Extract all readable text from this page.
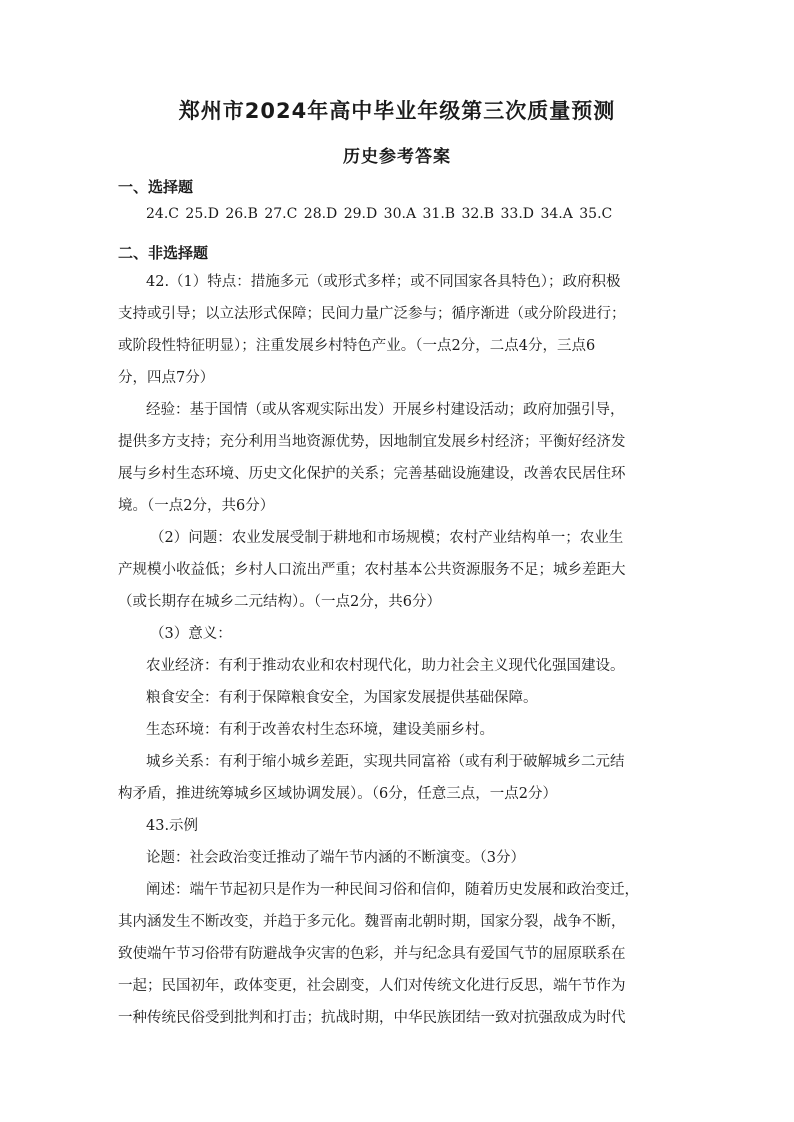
郑州市2024年高中毕业年级第三次质量预测
历史参考答案
一、选择题
24.C 25.D 26.B 27.C 28.D 29.D 30.A 31.B 32.B 33.D 34.A 35.C
二、非选择题
42.（1）特点：措施多元（或形式多样；或不同国家各具特色）；政府积极
支持或引导；以立法形式保障；民间力量广泛参与；循序渐进（或分阶段进行；
或阶段性特征明显）；注重发展乡村特色产业。（一点2分，二点4分，三点6
分，四点7分）
经验：基于国情（或从客观实际出发）开展乡村建设活动；政府加强引导，
提供多方支持；充分利用当地资源优势，因地制宜发展乡村经济；平衡好经济发
展与乡村生态环境、历史文化保护的关系；完善基础设施建设，改善农民居住环
境。（一点2分，共6分）
（2）问题：农业发展受制于耕地和市场规模；农村产业结构单一；农业生
产规模小收益低；乡村人口流出严重；农村基本公共资源服务不足；城乡差距大
（或长期存在城乡二元结构）。（一点2分，共6分）
（3）意义：
农业经济：有利于推动农业和农村现代化，助力社会主义现代化强国建设。
粮食安全：有利于保障粮食安全，为国家发展提供基础保障。
生态环境：有利于改善农村生态环境，建设美丽乡村。
城乡关系：有利于缩小城乡差距，实现共同富裕（或有利于破解城乡二元结
构矛盾，推进统筹城乡区域协调发展）。（6分，任意三点，一点2分）
43.示例
论题：社会政治变迁推动了端午节内涵的不断演变。（3分）
阐述：端午节起初只是作为一种民间习俗和信仰，随着历史发展和政治变迁，
其内涵发生不断改变，并趋于多元化。魏晋南北朝时期，国家分裂，战争不断，
致使端午节习俗带有防避战争灾害的色彩，并与纪念具有爱国气节的屈原联系在
一起；民国初年，政体变更，社会剧变，人们对传统文化进行反思，端午节作为
一种传统民俗受到批判和打击；抗战时期，中华民族团结一致对抗强敌成为时代
